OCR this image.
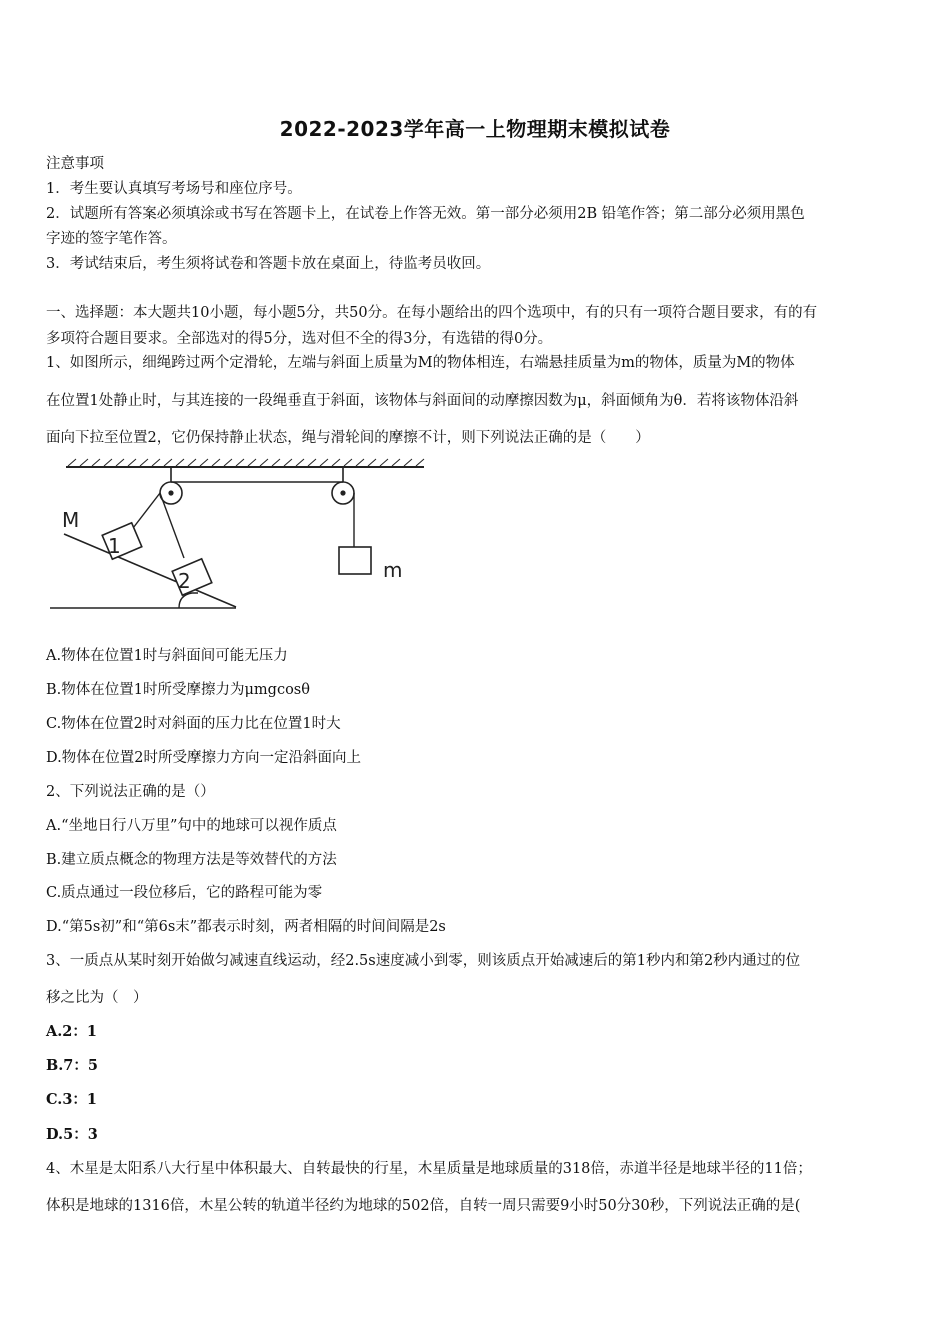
2022-2023学年高一上物理期末模拟试卷
注意事项
1．考生要认真填写考场号和座位序号。
2．试题所有答案必须填涂或书写在答题卡上，在试卷上作答无效。第一部分必须用2B 铅笔作答；第二部分必须用黑色
字迹的签字笔作答。
3．考试结束后，考生须将试卷和答题卡放在桌面上，待监考员收回。
一、选择题：本大题共10小题，每小题5分，共50分。在每小题给出的四个选项中，有的只有一项符合题目要求，有的有
多项符合题目要求。全部选对的得5分，选对但不全的得3分，有选错的得0分。
1、如图所示，细绳跨过两个定滑轮，左端与斜面上质量为M的物体相连，右端悬挂质量为m的物体，质量为M的物体
在位置1处静止时，与其连接的一段绳垂直于斜面，该物体与斜面间的动摩擦因数为μ，斜面倾角为θ．若将该物体沿斜
面向下拉至位置2，它仍保持静止状态，绳与滑轮间的摩擦不计，则下列说法正确的是（　　）
m
1
2
M
A.物体在位置1时与斜面间可能无压力
B.物体在位置1时所受摩擦力为μmgcosθ
C.物体在位置2时对斜面的压力比在位置1时大
D.物体在位置2时所受摩擦力方向一定沿斜面向上
2、下列说法正确的是（）
A.“坐地日行八万里”句中的地球可以视作质点
B.建立质点概念的物理方法是等效替代的方法
C.质点通过一段位移后，它的路程可能为零
D.“第5s初”和“第6s末”都表示时刻，两者相隔的时间间隔是2s
3、一质点从某时刻开始做匀减速直线运动，经2.5s速度减小到零，则该质点开始减速后的第1秒内和第2秒内通过的位
移之比为（　）
A.2：1
B.7：5
C.3：1
D.5：3
4、木星是太阳系八大行星中体积最大、自转最快的行星，木星质量是地球质量的318倍，赤道半径是地球半径的11倍；
体积是地球的1316倍，木星公转的轨道半径约为地球的502倍，自转一周只需要9小时50分30秒，下列说法正确的是(
